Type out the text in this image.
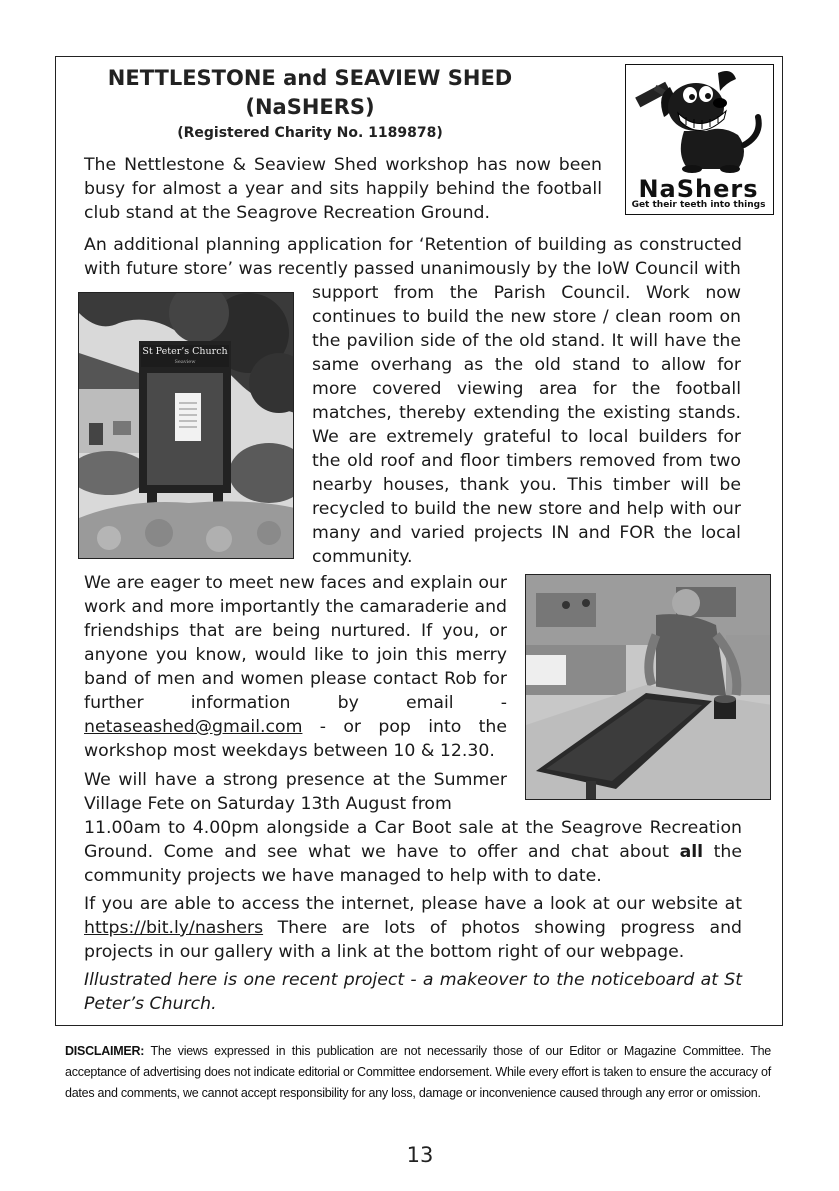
NETTLESTONE and SEAVIEW SHED
(NaSHERS)
(Registered Charity No. 1189878)
NaShers
Get their teeth into things
The Nettlestone & Seaview Shed workshop has now been busy for almost a year and sits happily behind the football club stand at the Seagrove Recreation Ground.
An additional planning application for ‘Retention of building as constructed with future store’ was recently passed unanimously by the IoW Council with
St Peter’s Church
Seaview
support from the Parish Council. Work now continues to build the new store / clean room on the pavilion side of the old stand. It will have the same overhang as the old stand to allow for more covered viewing area for the football matches, thereby extending the existing stands. We are extremely grateful to local builders for the old roof and floor timbers removed from two nearby houses, thank you. This timber will be recycled to build the new store and help with our many and varied projects IN and FOR the local community.
We are eager to meet new faces and explain our work and more importantly the camaraderie and friendships that are being nurtured. If you, or anyone you know, would like to join this merry band of men and women please contact Rob for further information by email - netaseashed@gmail.com - or pop into the workshop most weekdays between 10 & 12.30.
We will have a strong presence at the Summer Village Fete on Saturday 13th August from
11.00am to 4.00pm alongside a Car Boot sale at the Seagrove Recreation Ground. Come and see what we have to offer and chat about all the community projects we have managed to help with to date.
If you are able to access the internet, please have a look at our website at https://bit.ly/nashers There are lots of photos showing progress and projects in our gallery with a link at the bottom right of our webpage.
Illustrated here is one recent project - a makeover to the noticeboard at St Peter’s Church.
DISCLAIMER: The views expressed in this publication are not necessarily those of our Editor or Magazine Committee. The acceptance of advertising does not indicate editorial or Committee endorsement. While every effort is taken to ensure the accuracy of dates and comments, we cannot accept responsibility for any loss, damage or inconvenience caused through any error or omission.
13
